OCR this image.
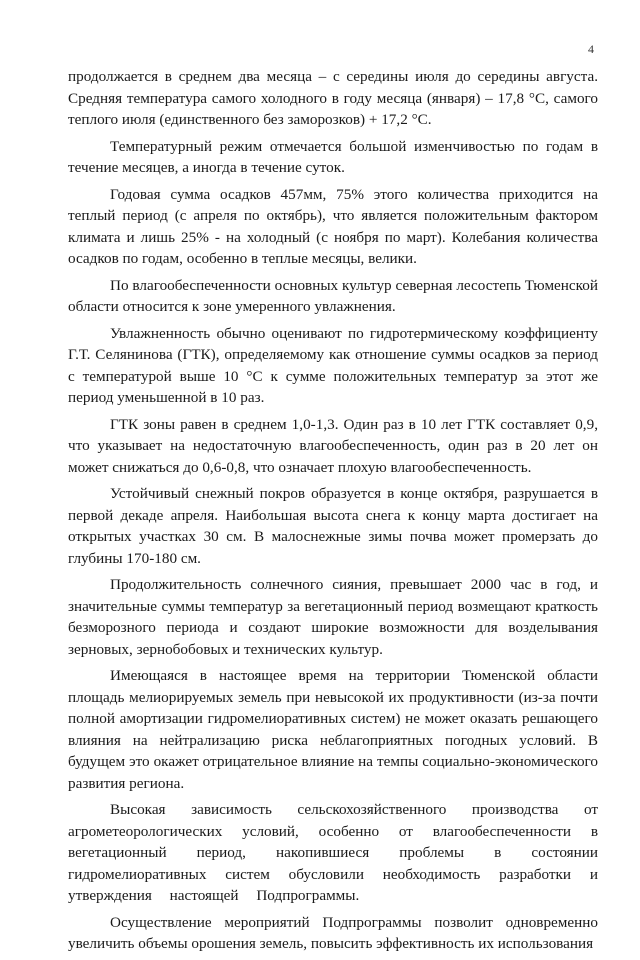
4

продолжается в среднем два месяца – с середины июля до середины августа. Средняя температура самого холодного в году месяца (января) – 17,8 °С, самого теплого июля (единственного без заморозков) + 17,2 °С.

Температурный режим отмечается большой изменчивостью по годам в течение месяцев, а иногда в течение суток.

Годовая сумма осадков 457мм, 75% этого количества приходится на теплый период (с апреля по октябрь), что является положительным фактором климата и лишь 25% - на холодный (с ноября по март). Колебания количества осадков по годам, особенно в теплые месяцы, велики.

По влагообеспеченности основных культур северная лесостепь Тюменской области относится к зоне умеренного увлажнения.

Увлажненность обычно оценивают по гидротермическому коэффициенту Г.Т. Селянинова (ГТК), определяемому как отношение суммы осадков за период с температурой выше 10 °С к сумме положительных температур за этот же период уменьшенной в 10 раз.

ГТК зоны равен в среднем 1,0-1,3. Один раз в 10 лет ГТК составляет 0,9, что указывает на недостаточную влагообеспеченность, один раз в 20 лет он может снижаться до 0,6-0,8, что означает плохую влагообеспеченность.

Устойчивый снежный покров образуется в конце октября, разрушается в первой декаде апреля. Наибольшая высота снега к концу марта достигает на открытых участках 30 см. В малоснежные зимы почва может промерзать до глубины 170-180 см.

Продолжительность солнечного сияния, превышает 2000 час в год, и значительные суммы температур за вегетационный период возмещают краткость безморозного периода и создают широкие возможности для возделывания зерновых, зернобобовых и технических культур.

Имеющаяся в настоящее время на территории Тюменской области площадь мелиорируемых земель при невысокой их продуктивности (из-за почти полной амортизации гидромелиоративных систем) не может оказать решающего влияния на нейтрализацию риска неблагоприятных погодных условий. В будущем это окажет отрицательное влияние на темпы социально-экономического развития региона.

Высокая зависимость сельскохозяйственного производства от агрометеорологических условий, особенно от влагообеспеченности в вегетационный период, накопившиеся проблемы в состоянии гидромелиоративных систем обусловили необходимость разработки и утверждения настоящей Подпрограммы.

Осуществление мероприятий Подпрограммы позволит одновременно увеличить объемы орошения земель, повысить эффективность их использования
